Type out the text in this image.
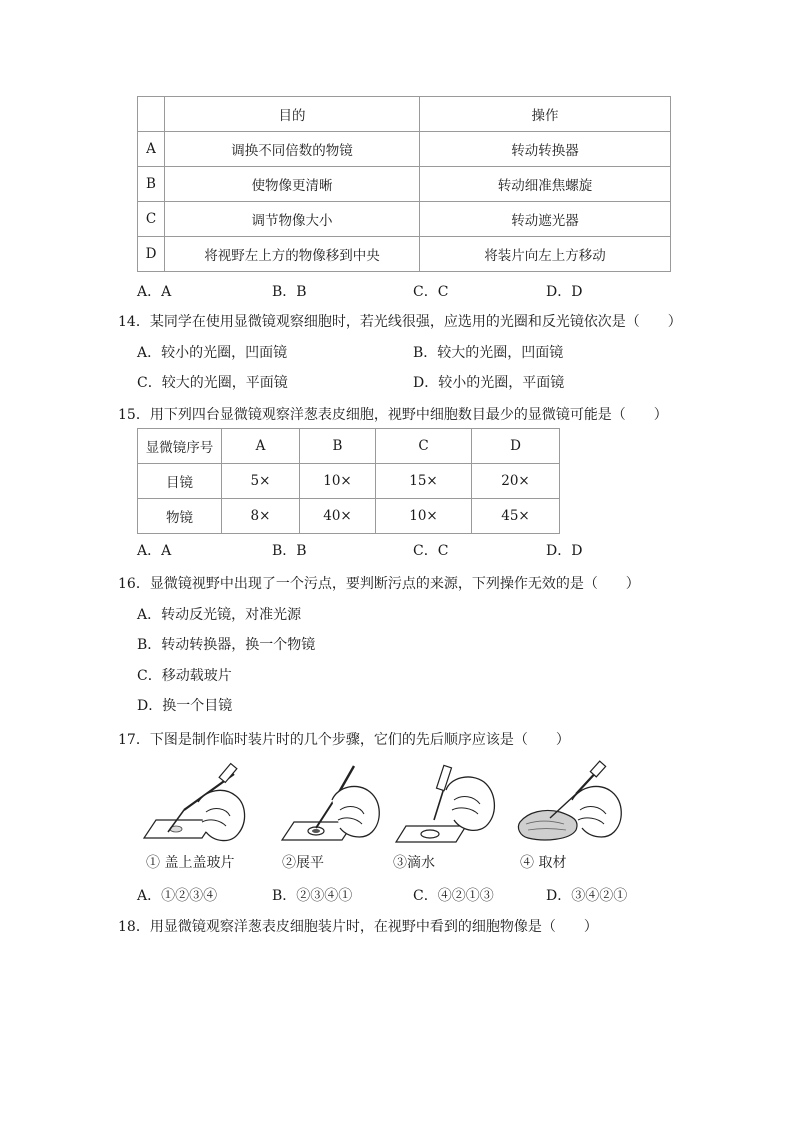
	目的	操作
A	调换不同倍数的物镜	转动转换器
B	使物像更清晰	转动细准焦螺旋
C	调节物像大小	转动遮光器
D	将视野左上方的物像移到中央	将装片向左上方移动
A．A	B．B	C．C	D．D
14．某同学在使用显微镜观察细胞时，若光线很强，应选用的光圈和反光镜依次是（　　）
A．较小的光圈，凹面镜	B．较大的光圈，凹面镜
C．较大的光圈，平面镜	D．较小的光圈，平面镜
15．用下列四台显微镜观察洋葱表皮细胞，视野中细胞数目最少的显微镜可能是（　　）
显微镜序号	A	B	C	D
目镜	5×	10×	15×	20×
物镜	8×	40×	10×	45×
A．A	B．B	C．C	D．D
16．显微镜视野中出现了一个污点，要判断污点的来源，下列操作无效的是（　　）
A．转动反光镜，对准光源
B．转动转换器，换一个物镜
C．移动载玻片
D．换一个目镜
17．下图是制作临时装片时的几个步骤，它们的先后顺序应该是（　　）
① 盖上盖玻片	②展平	③滴水	④ 取材
A．①②③④	B．②③④①	C．④②①③	D．③④②①
18．用显微镜观察洋葱表皮细胞装片时，在视野中看到的细胞物像是（　　）
